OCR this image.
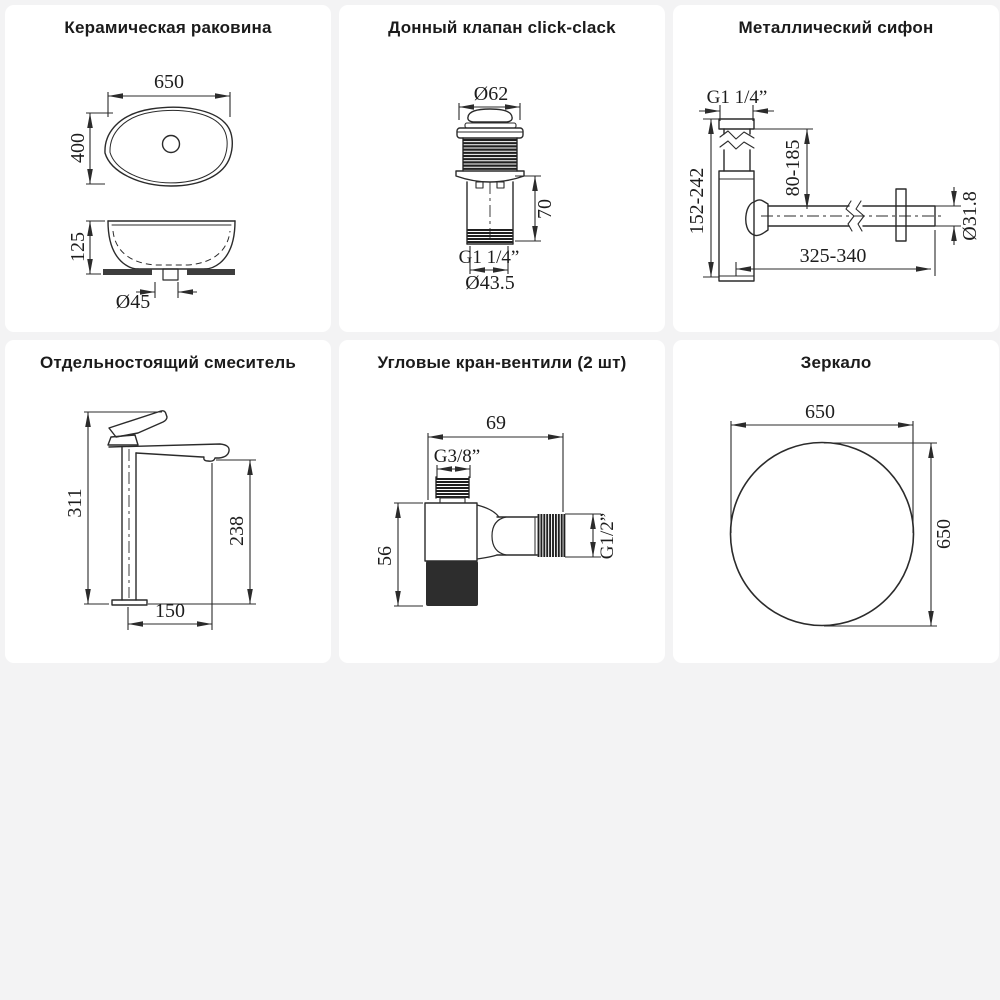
Керамическая раковина
650
400
125
Ø45
Донный клапан click-clack
Ø62
70
G1 1/4”
Ø43.5
Металлический сифон
G1 1/4”
Ø31.8
152-242	80-185
325-340
Отдельностоящий смеситель
311
238
150
Угловые кран-вентили (2 шт)
69
G3/8”
G1/2”
56
Зеркало
650
650
